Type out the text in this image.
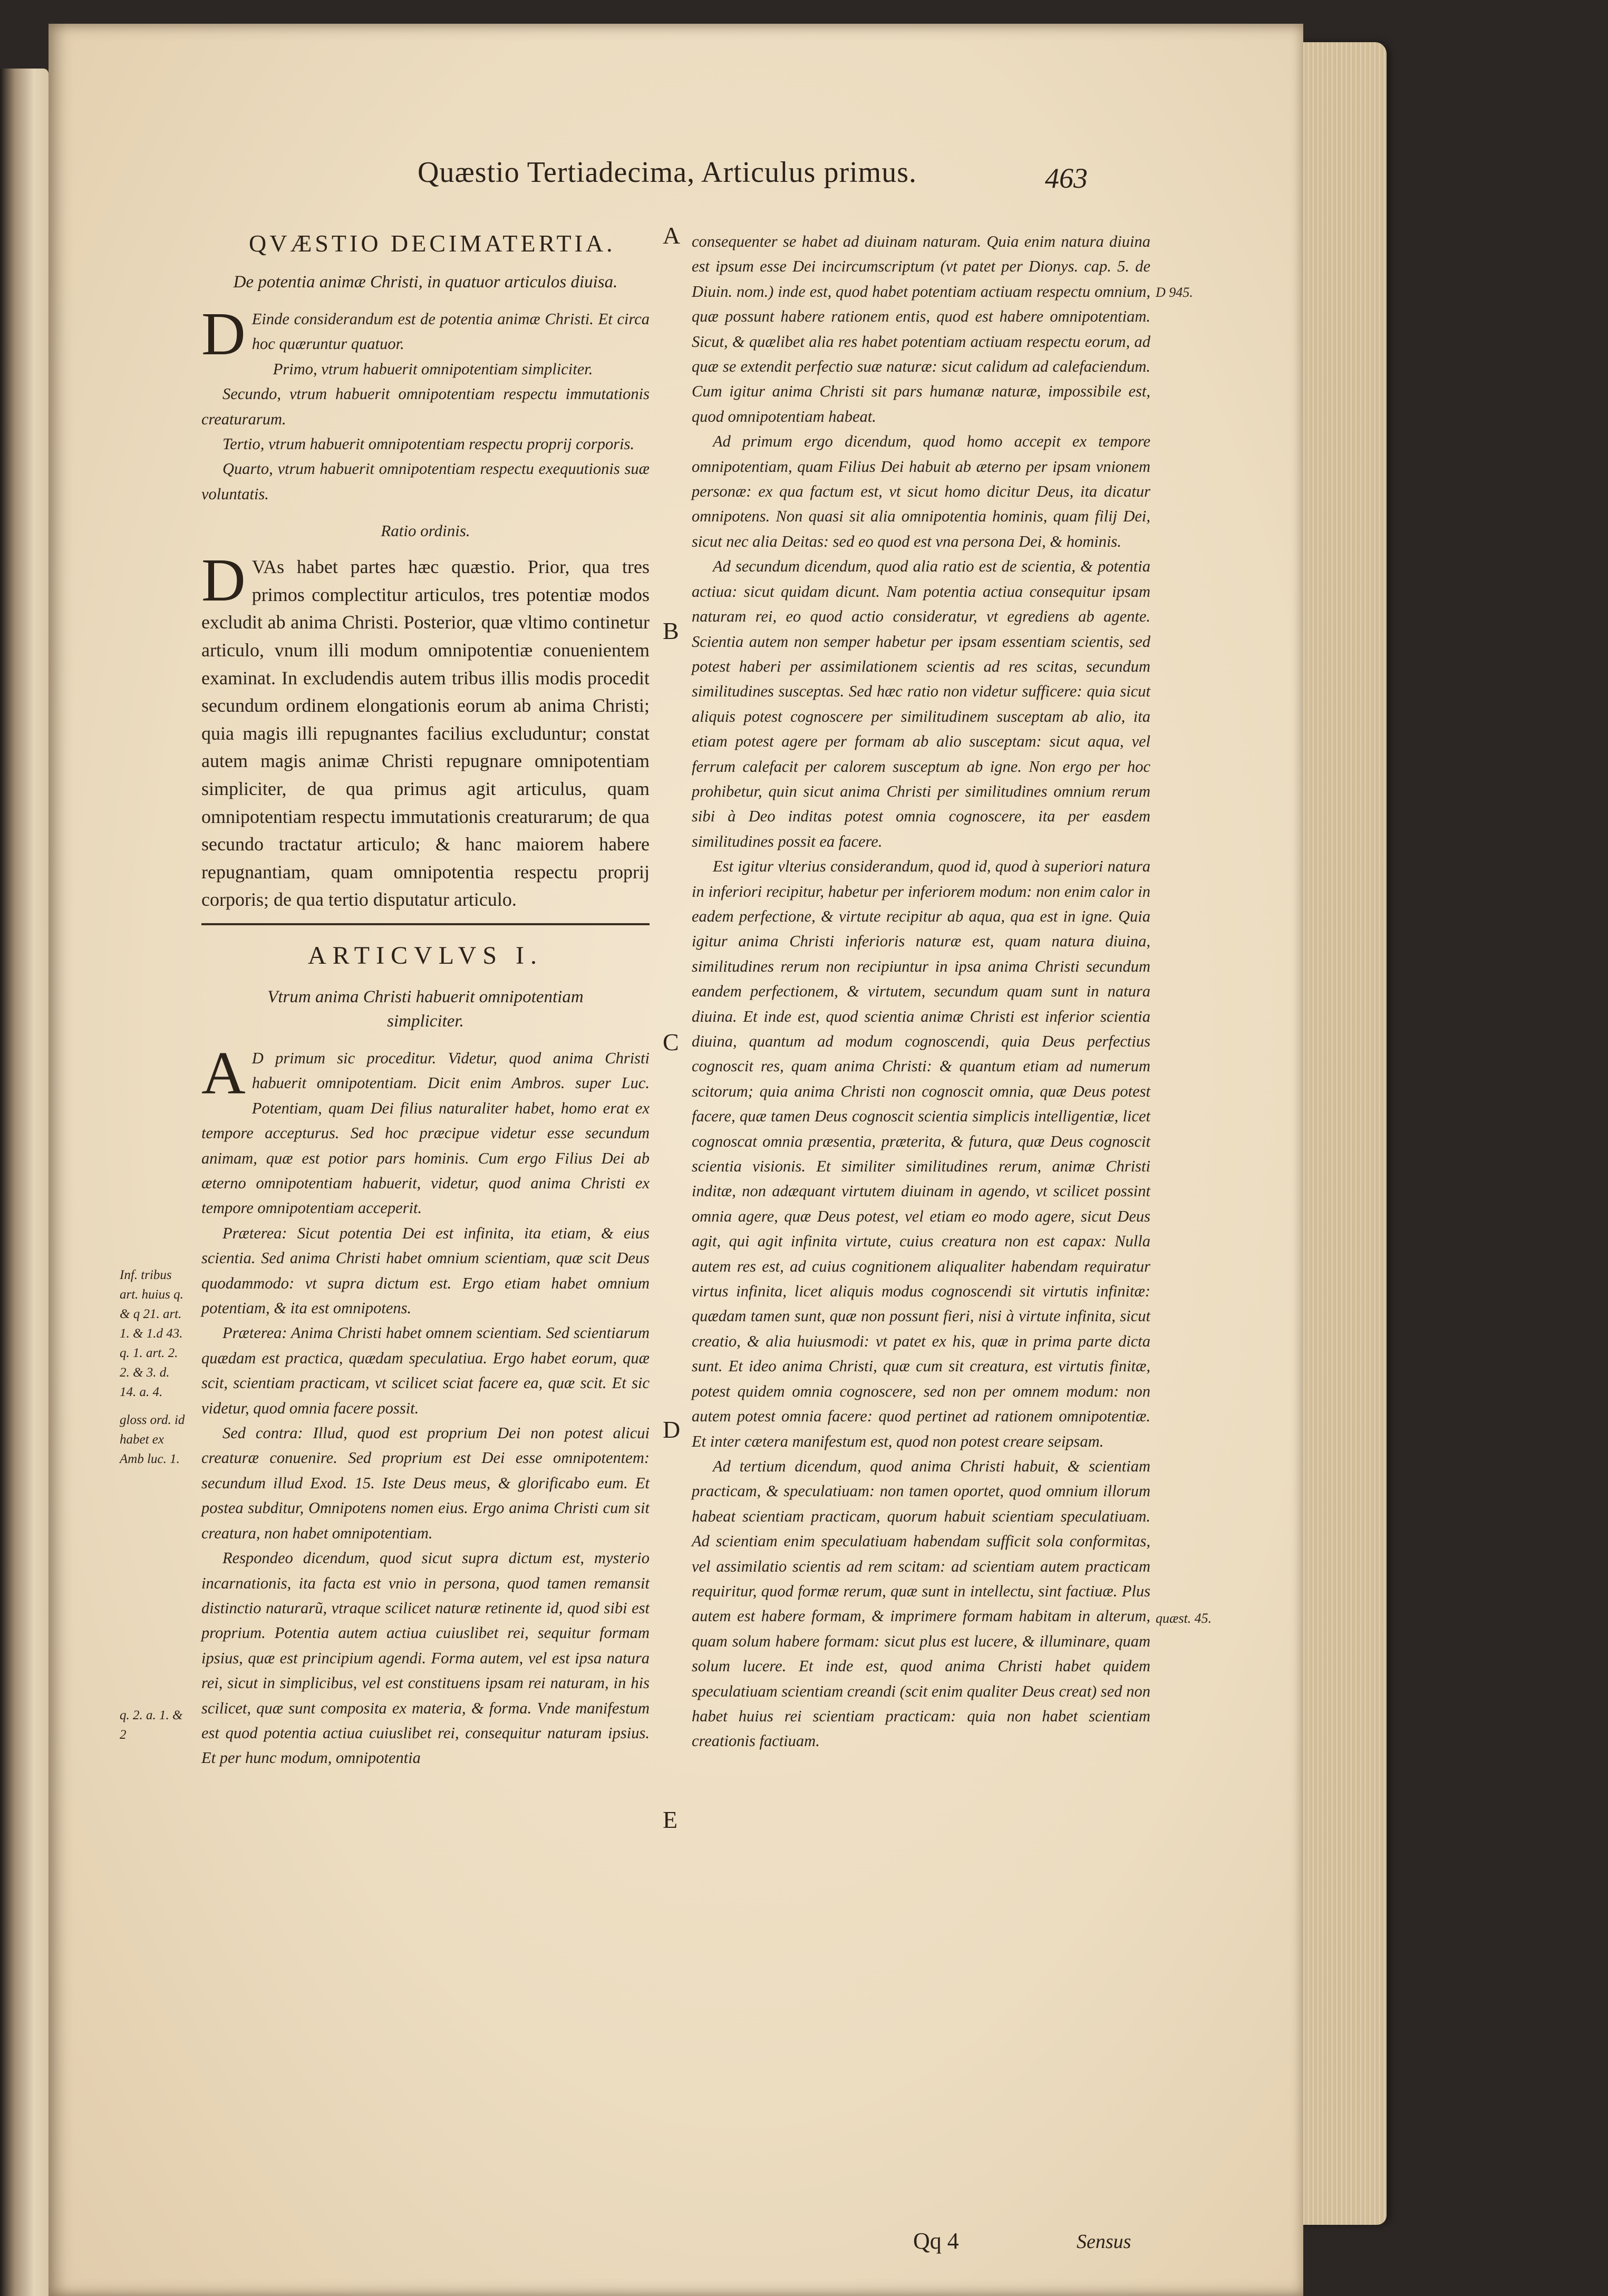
Quæstio Tertiadecima, Articulus primus.	463
QVÆSTIO DECIMATERTIA.
De potentia animæ Christi, in quatuor articulos diuisa.

D Einde considerandum est de potentia animæ Christi. Et circa hoc quæruntur quatuor.

Primo, vtrum habuerit omnipotentiam simpliciter.

Secundo, vtrum habuerit omnipotentiam respectu immutationis creaturarum.

Tertio, vtrum habuerit omnipotentiam respectu proprij corporis.

Quarto, vtrum habuerit omnipotentiam respectu exequutionis suæ voluntatis.

Ratio ordinis.

D VAs habet partes hæc quæstio. Prior, qua tres primos complectitur articulos, tres potentiæ modos excludit ab anima Christi. Posterior, quæ vltimo continetur articulo, vnum illi modum omnipotentiæ conuenientem examinat. In excludendis autem tribus illis modis procedit secundum ordinem elongationis eorum ab anima Christi; quia magis illi repugnantes facilius excluduntur; constat autem magis animæ Christi repugnare omnipotentiam simpliciter, de qua primus agit articulus, quam omnipotentiam respectu immutationis creaturarum; de qua secundo tractatur articulo; & hanc maiorem habere repugnantiam, quam omnipotentia respectu proprij corporis; de qua tertio disputatur articulo.

ARTICVLVS I.
Vtrum anima Christi habuerit omnipotentiam simpliciter.

A D primum sic proceditur. Videtur, quod anima Christi habuerit omnipotentiam. Dicit enim Ambros. super Luc. Potentiam, quam Dei filius naturaliter habet, homo erat ex tempore accepturus. Sed hoc præcipue videtur esse secundum animam, quæ est potior pars hominis. Cum ergo Filius Dei ab æterno omnipotentiam habuerit, videtur, quod anima Christi ex tempore omnipotentiam acceperit.

Præterea: Sicut potentia Dei est infinita, ita etiam, & eius scientia. Sed anima Christi habet omnium scientiam, quæ scit Deus quodammodo: vt supra dictum est. Ergo etiam habet omnium potentiam, & ita est omnipotens.

Præterea: Anima Christi habet omnem scientiam. Sed scientiarum quædam est practica, quædam speculatiua. Ergo habet eorum, quæ scit, scientiam practicam, vt scilicet sciat facere ea, quæ scit. Et sic videtur, quod omnia facere possit.

Sed contra: Illud, quod est proprium Dei non potest alicui creaturæ conuenire. Sed proprium est Dei esse omnipotentem: secundum illud Exod. 15. Iste Deus meus, & glorificabo eum. Et postea subditur, Omnipotens nomen eius. Ergo anima Christi cum sit creatura, non habet omnipotentiam.

Respondeo dicendum, quod sicut supra dictum est, mysterio incarnationis, ita facta est vnio in persona, quod tamen remansit distinctio naturarũ, vtraque scilicet naturæ retinente id, quod sibi est proprium. Potentia autem actiua cuiuslibet rei, sequitur formam ipsius, quæ est principium agendi. Forma autem, vel est ipsa natura rei, sicut in simplicibus, vel est constituens ipsam rei naturam, in his scilicet, quæ sunt composita ex materia, & forma. Vnde manifestum est quod potentia actiua cuiuslibet rei, consequitur naturam ipsius. Et per hunc modum, omnipotentia

Inf. tribus art. huius q. & q 21. art. 1. & 1.d 43. q. 1. art. 2. 2. & 3. d. 14. a. 4.
gloss ord. id habet ex Amb luc. 1.
q. 2. a. 1. & 2
A
B
C
D
E

consequenter se habet ad diuinam naturam. Quia enim natura diuina est ipsum esse Dei incircumscriptum (vt patet per Dionys. cap. 5. de Diuin. nom.) inde est, quod habet potentiam actiuam respectu omnium, quæ possunt habere rationem entis, quod est habere omnipotentiam. Sicut, & quælibet alia res habet potentiam actiuam respectu eorum, ad quæ se extendit perfectio suæ naturæ: sicut calidum ad calefaciendum. Cum igitur anima Christi sit pars humanæ naturæ, impossibile est, quod omnipotentiam habeat.

Ad primum ergo dicendum, quod homo accepit ex tempore omnipotentiam, quam Filius Dei habuit ab æterno per ipsam vnionem personæ: ex qua factum est, vt sicut homo dicitur Deus, ita dicatur omnipotens. Non quasi sit alia omnipotentia hominis, quam filij Dei, sicut nec alia Deitas: sed eo quod est vna persona Dei, & hominis.

Ad secundum dicendum, quod alia ratio est de scientia, & potentia actiua: sicut quidam dicunt. Nam potentia actiua consequitur ipsam naturam rei, eo quod actio consideratur, vt egrediens ab agente. Scientia autem non semper habetur per ipsam essentiam scientis, sed potest haberi per assimilationem scientis ad res scitas, secundum similitudines susceptas. Sed hæc ratio non videtur sufficere: quia sicut aliquis potest cognoscere per similitudinem susceptam ab alio, ita etiam potest agere per formam ab alio susceptam: sicut aqua, vel ferrum calefacit per calorem susceptum ab igne. Non ergo per hoc prohibetur, quin sicut anima Christi per similitudines omnium rerum sibi à Deo inditas potest omnia cognoscere, ita per easdem similitudines possit ea facere.

Est igitur vlterius considerandum, quod id, quod à superiori natura in inferiori recipitur, habetur per inferiorem modum: non enim calor in eadem perfectione, & virtute recipitur ab aqua, qua est in igne. Quia igitur anima Christi inferioris naturæ est, quam natura diuina, similitudines rerum non recipiuntur in ipsa anima Christi secundum eandem perfectionem, & virtutem, secundum quam sunt in natura diuina. Et inde est, quod scientia animæ Christi est inferior scientia diuina, quantum ad modum cognoscendi, quia Deus perfectius cognoscit res, quam anima Christi: & quantum etiam ad numerum scitorum; quia anima Christi non cognoscit omnia, quæ Deus potest facere, quæ tamen Deus cognoscit scientia simplicis intelligentiæ, licet cognoscat omnia præsentia, præterita, & futura, quæ Deus cognoscit scientia visionis. Et similiter similitudines rerum, animæ Christi inditæ, non adæquant virtutem diuinam in agendo, vt scilicet possint omnia agere, quæ Deus potest, vel etiam eo modo agere, sicut Deus agit, qui agit infinita virtute, cuius creatura non est capax: Nulla autem res est, ad cuius cognitionem aliqualiter habendam requiratur virtus infinita, licet aliquis modus cognoscendi sit virtutis infinitæ: quædam tamen sunt, quæ non possunt fieri, nisi à virtute infinita, sicut creatio, & alia huiusmodi: vt patet ex his, quæ in prima parte dicta sunt. Et ideo anima Christi, quæ cum sit creatura, est virtutis finitæ, potest quidem omnia cognoscere, sed non per omnem modum: non autem potest omnia facere: quod pertinet ad rationem omnipotentiæ. Et inter cætera manifestum est, quod non potest creare seipsam.

Ad tertium dicendum, quod anima Christi habuit, & scientiam practicam, & speculatiuam: non tamen oportet, quod omnium illorum habeat scientiam practicam, quorum habuit scientiam speculatiuam. Ad scientiam enim speculatiuam habendam sufficit sola conformitas, vel assimilatio scientis ad rem scitam: ad scientiam autem practicam requiritur, quod formæ rerum, quæ sunt in intellectu, sint factiuæ. Plus autem est habere formam, & imprimere formam habitam in alterum, quam solum habere formam: sicut plus est lucere, & illuminare, quam solum lucere. Et inde est, quod anima Christi habet quidem speculatiuam scientiam creandi (scit enim qualiter Deus creat) sed non habet huius rei scientiam practicam: quia non habet scientiam creationis factiuam.

D 945.
quæst. 45.
Qq 4	Sensus
